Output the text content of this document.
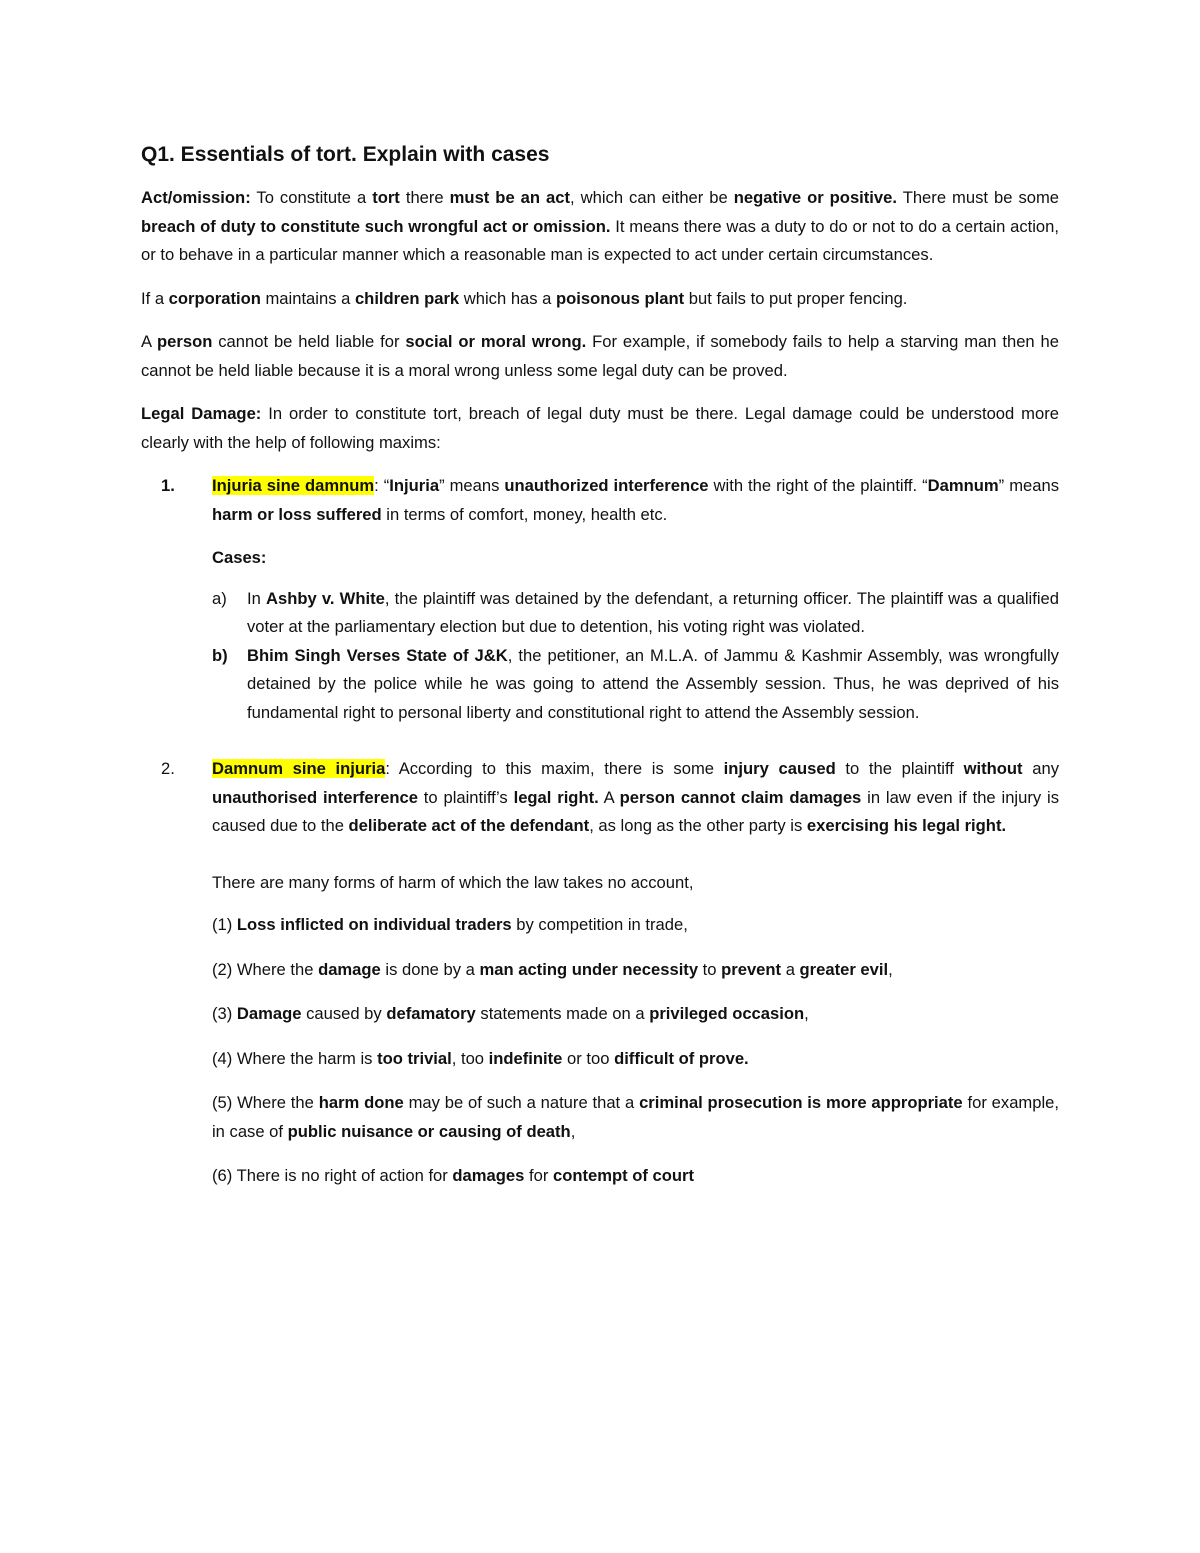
Q1. Essentials of tort. Explain with cases

Act/omission: To constitute a tort there must be an act, which can either be negative or positive. There must be some breach of duty to constitute such wrongful act or omission. It means there was a duty to do or not to do a certain action, or to behave in a particular manner which a reasonable man is expected to act under certain circumstances.

If a corporation maintains a children park which has a poisonous plant but fails to put proper fencing.

A person cannot be held liable for social or moral wrong. For example, if somebody fails to help a starving man then he cannot be held liable because it is a moral wrong unless some legal duty can be proved.

Legal Damage: In order to constitute tort, breach of legal duty must be there. Legal damage could be understood more clearly with the help of following maxims:

1. Injuria sine damnum: “Injuria” means unauthorized interference with the right of the plaintiff. “Damnum” means harm or loss suffered in terms of comfort, money, health etc.
Cases:
a) In Ashby v. White, the plaintiff was detained by the defendant, a returning officer. The plaintiff was a qualified voter at the parliamentary election but due to detention, his voting right was violated.
b) Bhim Singh Verses State of J&K, the petitioner, an M.L.A. of Jammu & Kashmir Assembly, was wrongfully detained by the police while he was going to attend the Assembly session. Thus, he was deprived of his fundamental right to personal liberty and constitutional right to attend the Assembly session.
2. Damnum sine injuria: According to this maxim, there is some injury caused to the plaintiff without any unauthorised interference to plaintiff’s legal right. A person cannot claim damages in law even if the injury is caused due to the deliberate act of the defendant, as long as the other party is exercising his legal right.
There are many forms of harm of which the law takes no account,

(1) Loss inflicted on individual traders by competition in trade,

(2) Where the damage is done by a man acting under necessity to prevent a greater evil,

(3) Damage caused by defamatory statements made on a privileged occasion,

(4) Where the harm is too trivial, too indefinite or too difficult of prove.

(5) Where the harm done may be of such a nature that a criminal prosecution is more appropriate for example, in case of public nuisance or causing of death,

(6) There is no right of action for damages for contempt of court
